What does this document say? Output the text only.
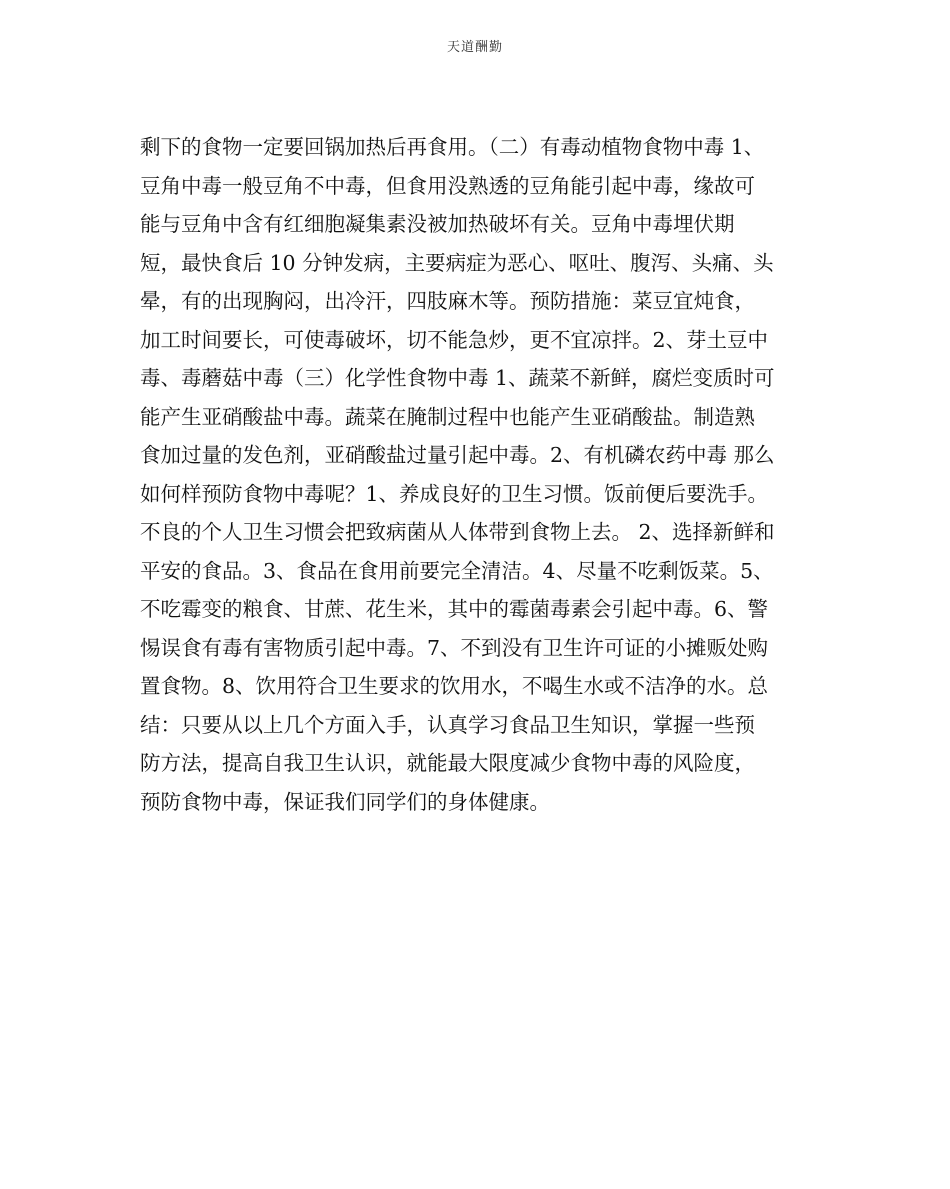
天道酬勤
剩下的食物一定要回锅加热后再食用。（二）有毒动植物食物中毒 1、
豆角中毒一般豆角不中毒，但食用没熟透的豆角能引起中毒，缘故可
能与豆角中含有红细胞凝集素没被加热破坏有关。豆角中毒埋伏期
短，最快食后 10 分钟发病，主要病症为恶心、呕吐、腹泻、头痛、头
晕，有的出现胸闷，出冷汗，四肢麻木等。预防措施：菜豆宜炖食，
加工时间要长，可使毒破坏，切不能急炒，更不宜凉拌。2、芽土豆中
毒、毒蘑菇中毒（三）化学性食物中毒 1、蔬菜不新鲜，腐烂变质时可
能产生亚硝酸盐中毒。蔬菜在腌制过程中也能产生亚硝酸盐。制造熟
食加过量的发色剂，亚硝酸盐过量引起中毒。2、有机磷农药中毒 那么
如何样预防食物中毒呢？1、养成良好的卫生习惯。饭前便后要洗手。
不良的个人卫生习惯会把致病菌从人体带到食物上去。 2、选择新鲜和
平安的食品。3、食品在食用前要完全清洁。4、尽量不吃剩饭菜。5、
不吃霉变的粮食、甘蔗、花生米，其中的霉菌毒素会引起中毒。6、警
惕误食有毒有害物质引起中毒。7、不到没有卫生许可证的小摊贩处购
置食物。8、饮用符合卫生要求的饮用水，不喝生水或不洁净的水。总
结：只要从以上几个方面入手，认真学习食品卫生知识，掌握一些预
防方法，提高自我卫生认识，就能最大限度减少食物中毒的风险度，
预防食物中毒，保证我们同学们的身体健康。
